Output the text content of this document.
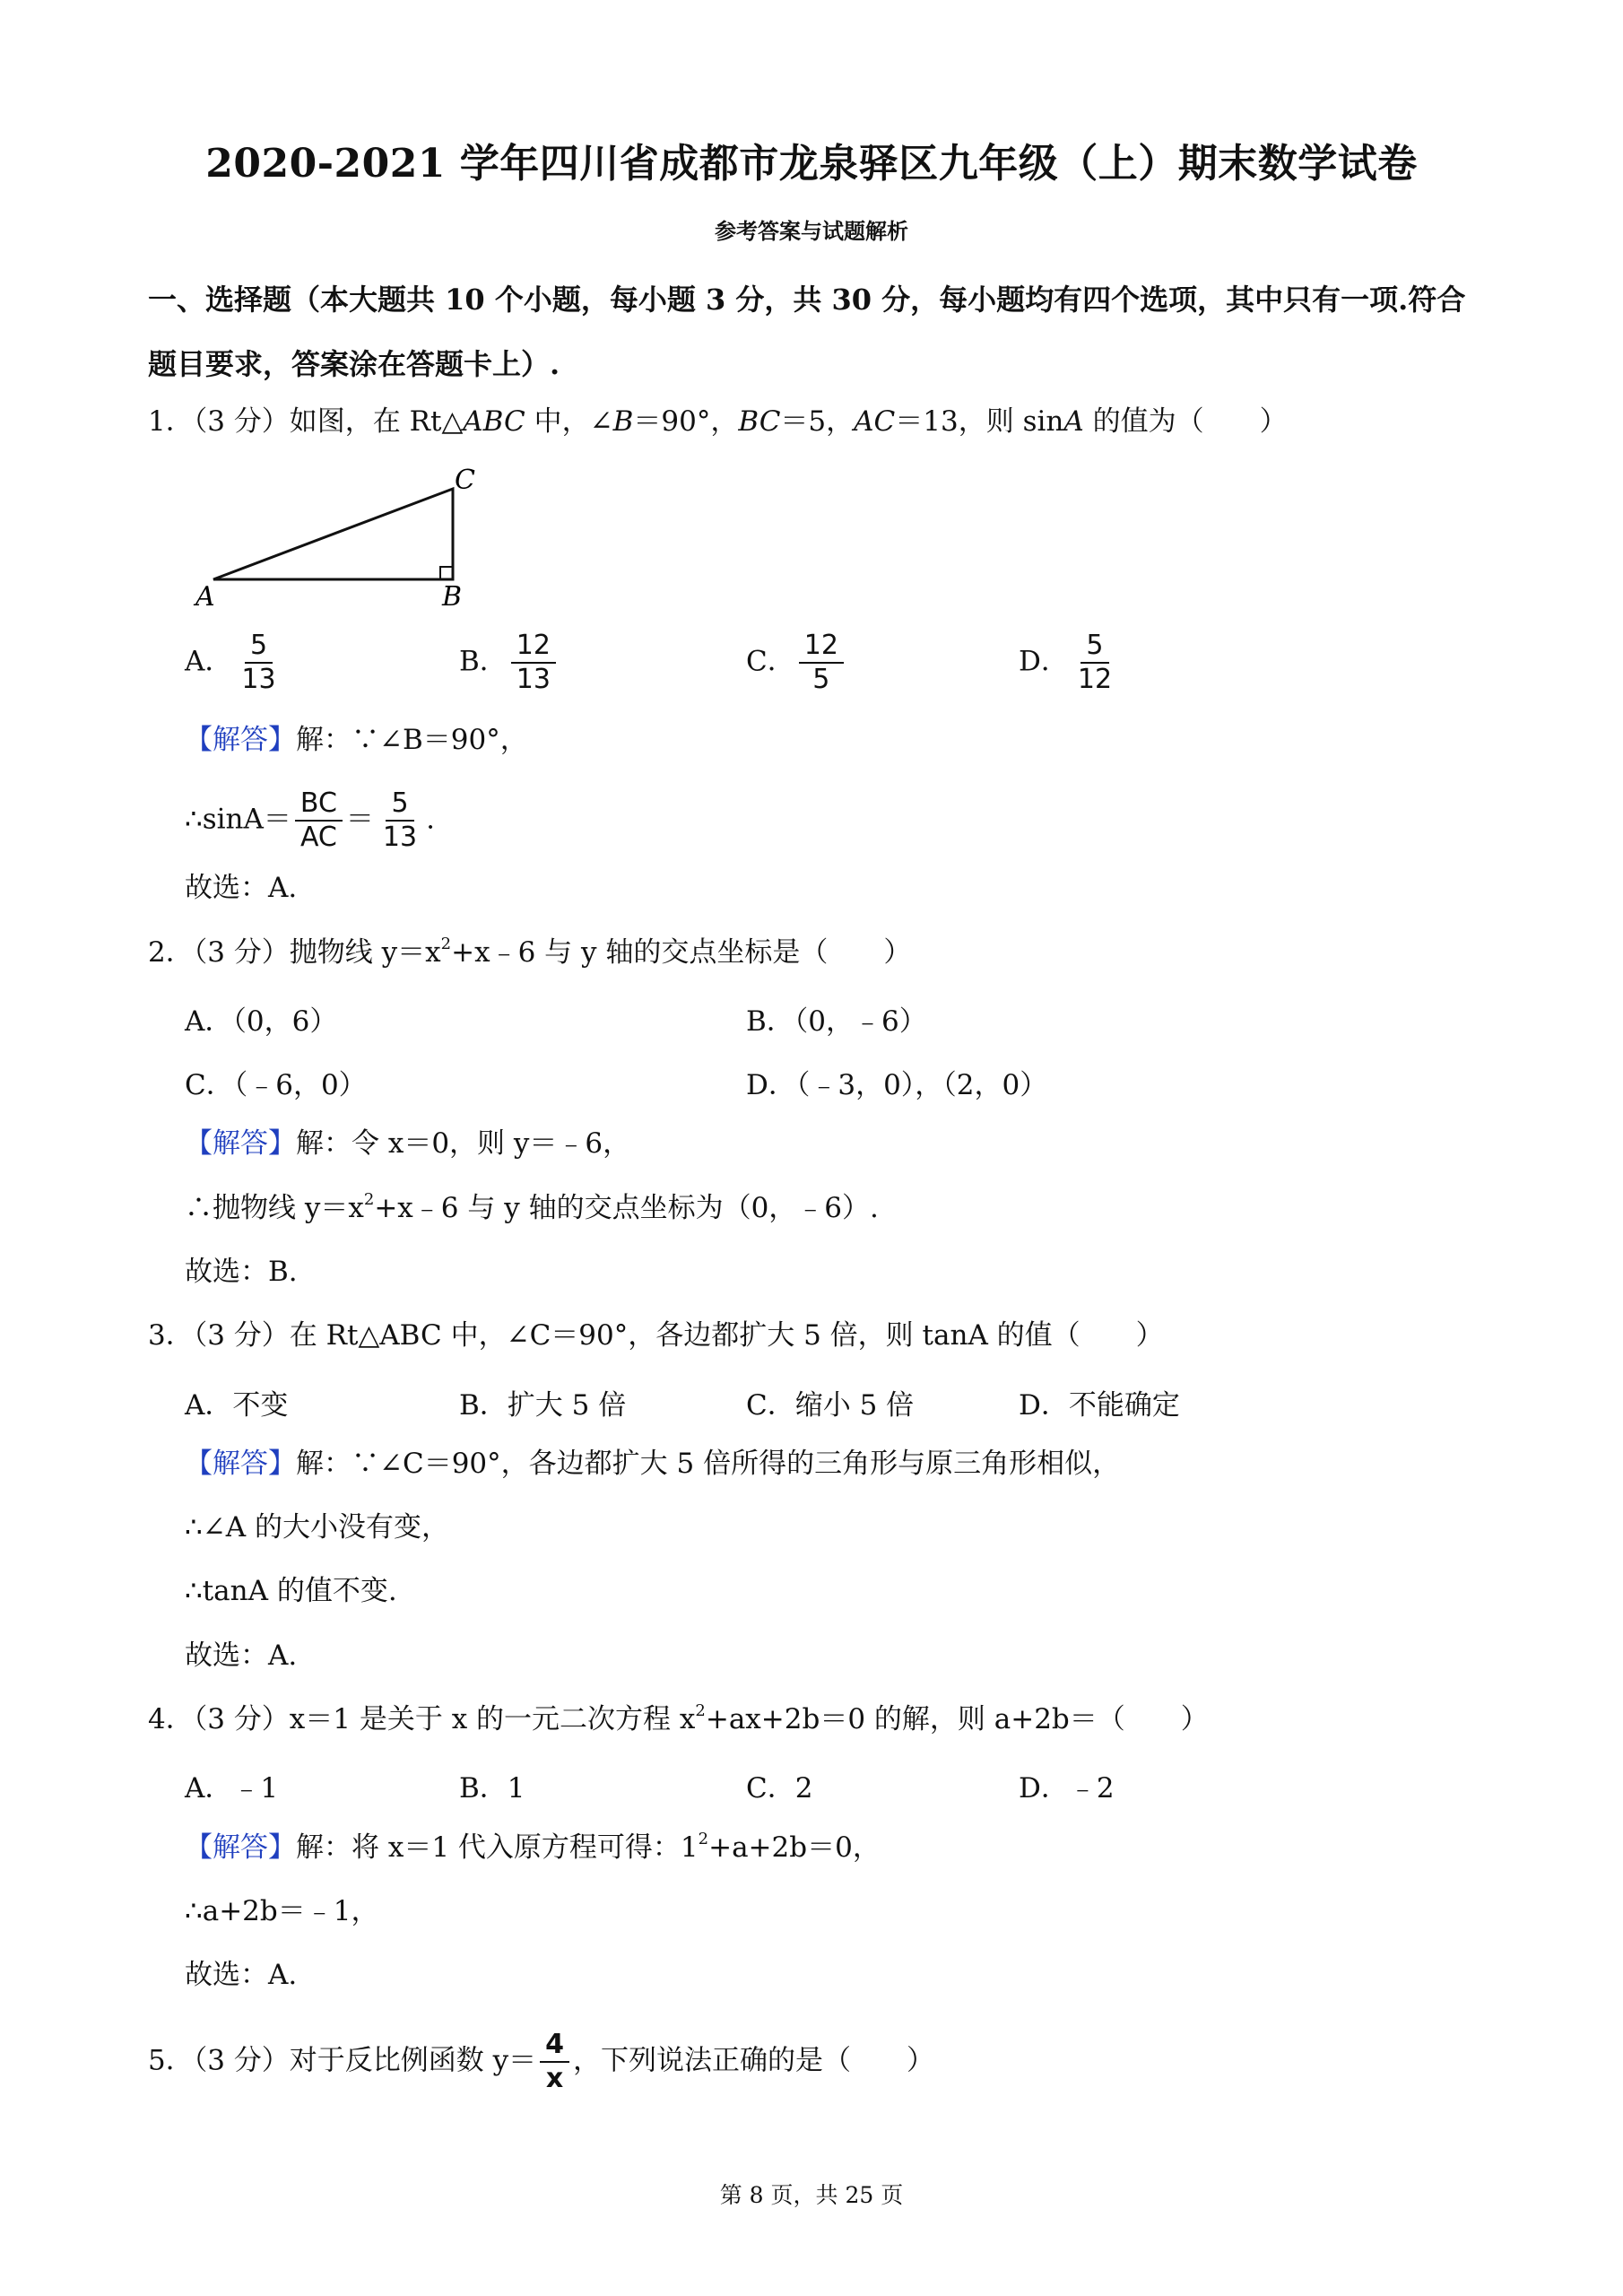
2020-2021 学年四川省成都市龙泉驿区九年级（上）期末数学试卷
参考答案与试题解析
一、选择题（本大题共 10 个小题，每小题 3 分，共 30 分，每小题均有四个选项，其中只有一项.符合题目要求，答案涂在答题卡上）.
1．（3 分）如图，在 Rt△ABC 中，∠B＝90°，BC＝5，AC＝13，则 sinA 的值为（　　）
A	B
C
A． $\frac{5}{13}$	B． $\frac{12}{13}$	C． $\frac{12}{5}$	D． $\frac{5}{12}$
【解答】解：∵∠B＝90°，
∴sinA＝ $\frac{BC}{AC} = \frac{5}{13}$ .
故选：A.
2．（3 分）抛物线 $y=x^2+x﹣6$ 与 y 轴的交点坐标是（　　）
A．（0，6）	B．（0，﹣6）
C．（﹣6，0）	D．（﹣3，0），（2，0）
【解答】解：令 x＝0，则 y＝﹣6，
∴抛物线 $y=x^2+x﹣6$ 与 y 轴的交点坐标为（0，﹣6）.
故选：B.
3．（3 分）在 Rt△ABC 中，∠C＝90°，各边都扩大 5 倍，则 tanA 的值（　　）
A．不变	B．扩大 5 倍	C．缩小 5 倍	D．不能确定
【解答】解：∵∠C＝90°，各边都扩大 5 倍所得的三角形与原三角形相似，
∴∠A 的大小没有变，
∴tanA 的值不变.
故选：A.
4．（3 分）x＝1 是关于 x 的一元二次方程 $x^2+ax+2b=0$ 的解，则 a+2b＝（　　）
A．﹣1	B．1	C．2	D．﹣2
【解答】解：将 x＝1 代入原方程可得：$1^2+a+2b=0$，
∴a+2b＝﹣1，
故选：A.
5．（3 分）对于反比例函数 $y= \frac{4}{x}$ ，下列说法正确的是（　　）
第 8 页，共 25 页
